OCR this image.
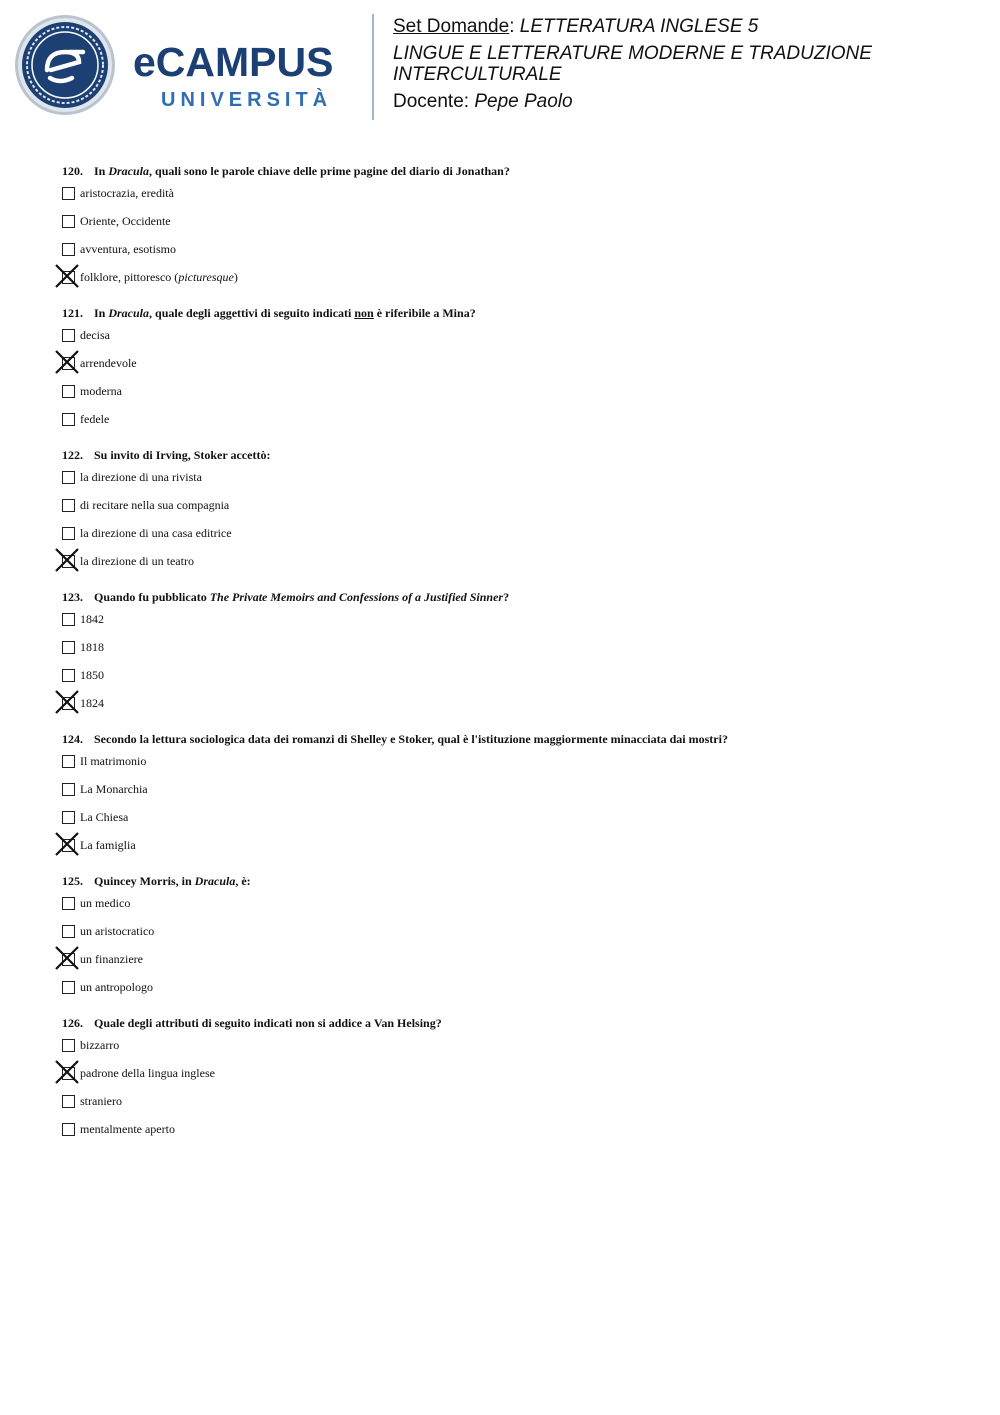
eCAMPUS
UNIVERSITÀ
Set Domande: LETTERATURA INGLESE 5
LINGUE E LETTERATURE MODERNE E TRADUZIONE
INTERCULTURALE
Docente: Pepe Paolo
120. In Dracula, quali sono le parole chiave delle prime pagine del diario di Jonathan?
aristocrazia, eredità
Oriente, Occidente
avventura, esotismo
folklore, pittoresco (picturesque)
121. In Dracula, quale degli aggettivi di seguito indicati non è riferibile a Mina?
decisa
arrendevole
moderna
fedele
122. Su invito di Irving, Stoker accettò:
la direzione di una rivista
di recitare nella sua compagnia
la direzione di una casa editrice
la direzione di un teatro
123. Quando fu pubblicato The Private Memoirs and Confessions of a Justified Sinner?
1842
1818
1850
1824
124. Secondo la lettura sociologica data dei romanzi di Shelley e Stoker, qual è l'istituzione maggiormente minacciata dai mostri?
Il matrimonio
La Monarchia
La Chiesa
La famiglia
125. Quincey Morris, in Dracula, è:
un medico
un aristocratico
un finanziere
un antropologo
126. Quale degli attributi di seguito indicati non si addice a Van Helsing?
bizzarro
padrone della lingua inglese
straniero
mentalmente aperto
